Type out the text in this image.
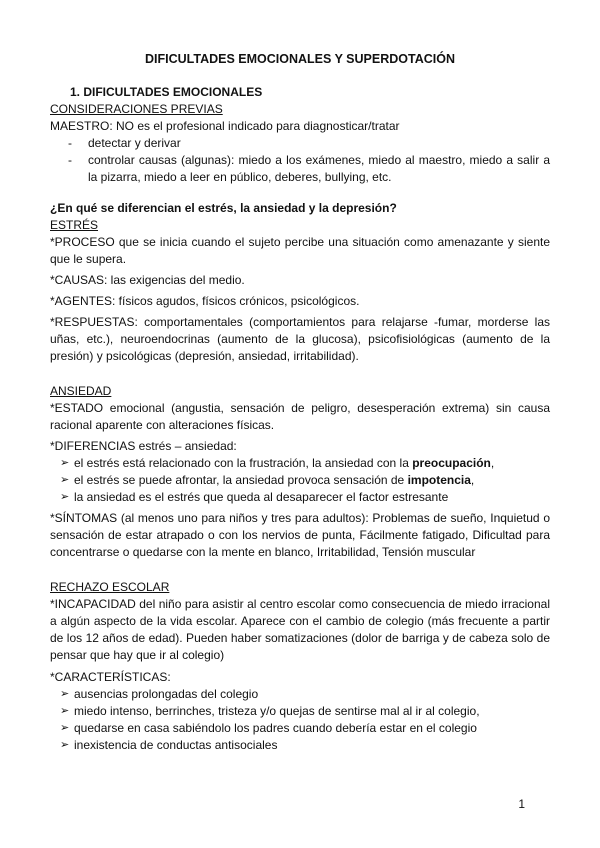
DIFICULTADES EMOCIONALES Y SUPERDOTACIÓN
1. DIFICULTADES EMOCIONALES
CONSIDERACIONES PREVIAS
MAESTRO: NO es el profesional indicado para diagnosticar/tratar
- detectar y derivar
- controlar causas (algunas): miedo a los exámenes, miedo al maestro, miedo a salir a la pizarra, miedo a leer en público, deberes, bullying, etc.
¿En qué se diferencian el estrés, la ansiedad y la depresión?
ESTRÉS
*PROCESO que se inicia cuando el sujeto percibe una situación como amenazante y siente que le supera.
*CAUSAS: las exigencias del medio.
*AGENTES: físicos agudos, físicos crónicos, psicológicos.
*RESPUESTAS: comportamentales (comportamientos para relajarse -fumar, morderse las uñas, etc.), neuroendocrinas (aumento de la glucosa), psicofisiológicas (aumento de la presión) y psicológicas (depresión, ansiedad, irritabilidad).
ANSIEDAD
*ESTADO emocional (angustia, sensación de peligro, desesperación extrema) sin causa racional aparente con alteraciones físicas.
*DIFERENCIAS estrés – ansiedad:
➢ el estrés está relacionado con la frustración, la ansiedad con la preocupación,
➢ el estrés se puede afrontar, la ansiedad provoca sensación de impotencia,
➢ la ansiedad es el estrés que queda al desaparecer el factor estresante
*SÍNTOMAS (al menos uno para niños y tres para adultos): Problemas de sueño, Inquietud o sensación de estar atrapado o con los nervios de punta, Fácilmente fatigado, Dificultad para concentrarse o quedarse con la mente en blanco, Irritabilidad, Tensión muscular
RECHAZO ESCOLAR
*INCAPACIDAD del niño para asistir al centro escolar como consecuencia de miedo irracional a algún aspecto de la vida escolar. Aparece con el cambio de colegio (más frecuente a partir de los 12 años de edad). Pueden haber somatizaciones (dolor de barriga y de cabeza solo de pensar que hay que ir al colegio)
*CARACTERÍSTICAS:
➢ ausencias prolongadas del colegio
➢ miedo intenso, berrinches, tristeza y/o quejas de sentirse mal al ir al colegio,
➢ quedarse en casa sabiéndolo los padres cuando debería estar en el colegio
➢ inexistencia de conductas antisociales
1
